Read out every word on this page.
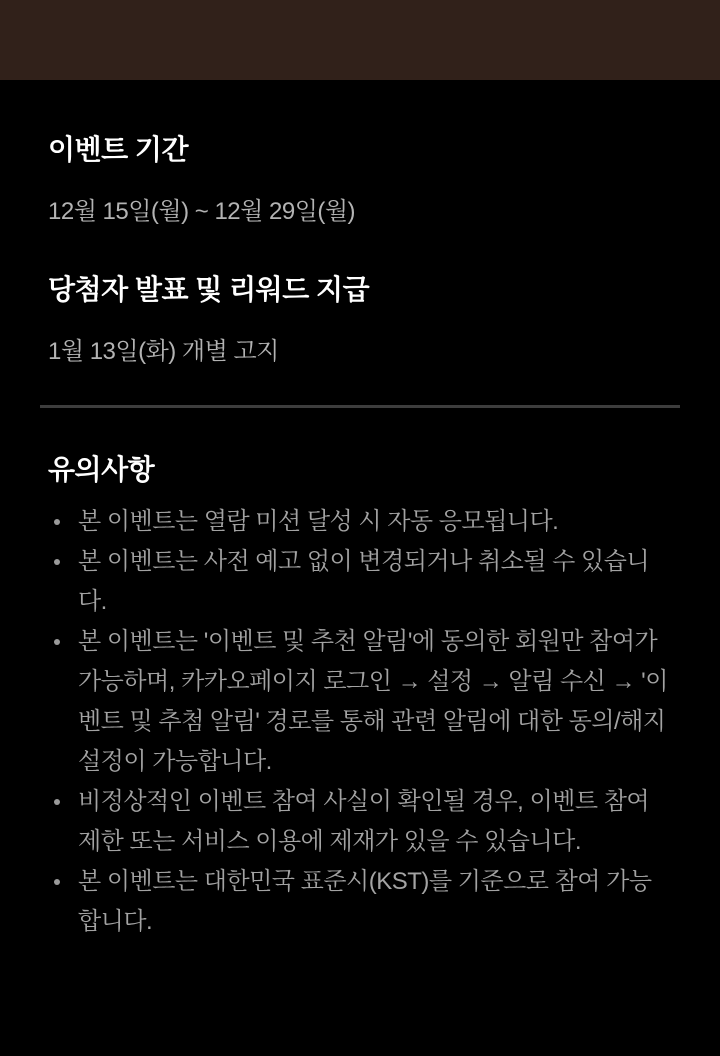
이벤트 기간

12월 15일(월) ~ 12월 29일(월)

당첨자 발표 및 리워드 지급

1월 13일(화) 개별 고지

유의사항
본 이벤트는 열람 미션 달성 시 자동 응모됩니다.
본 이벤트는 사전 예고 없이 변경되거나 취소될 수 있습니다.
본 이벤트는 '이벤트 및 추천 알림'에 동의한 회원만 참여가 가능하며, 카카오페이지 로그인 → 설정 → 알림 수신 → '이벤트 및 추첨 알림' 경로를 통해 관련 알림에 대한 동의/해지 설정이 가능합니다.
비정상적인 이벤트 참여 사실이 확인될 경우, 이벤트 참여 제한 또는 서비스 이용에 제재가 있을 수 있습니다.
본 이벤트는 대한민국 표준시(KST)를 기준으로 참여 가능합니다.
